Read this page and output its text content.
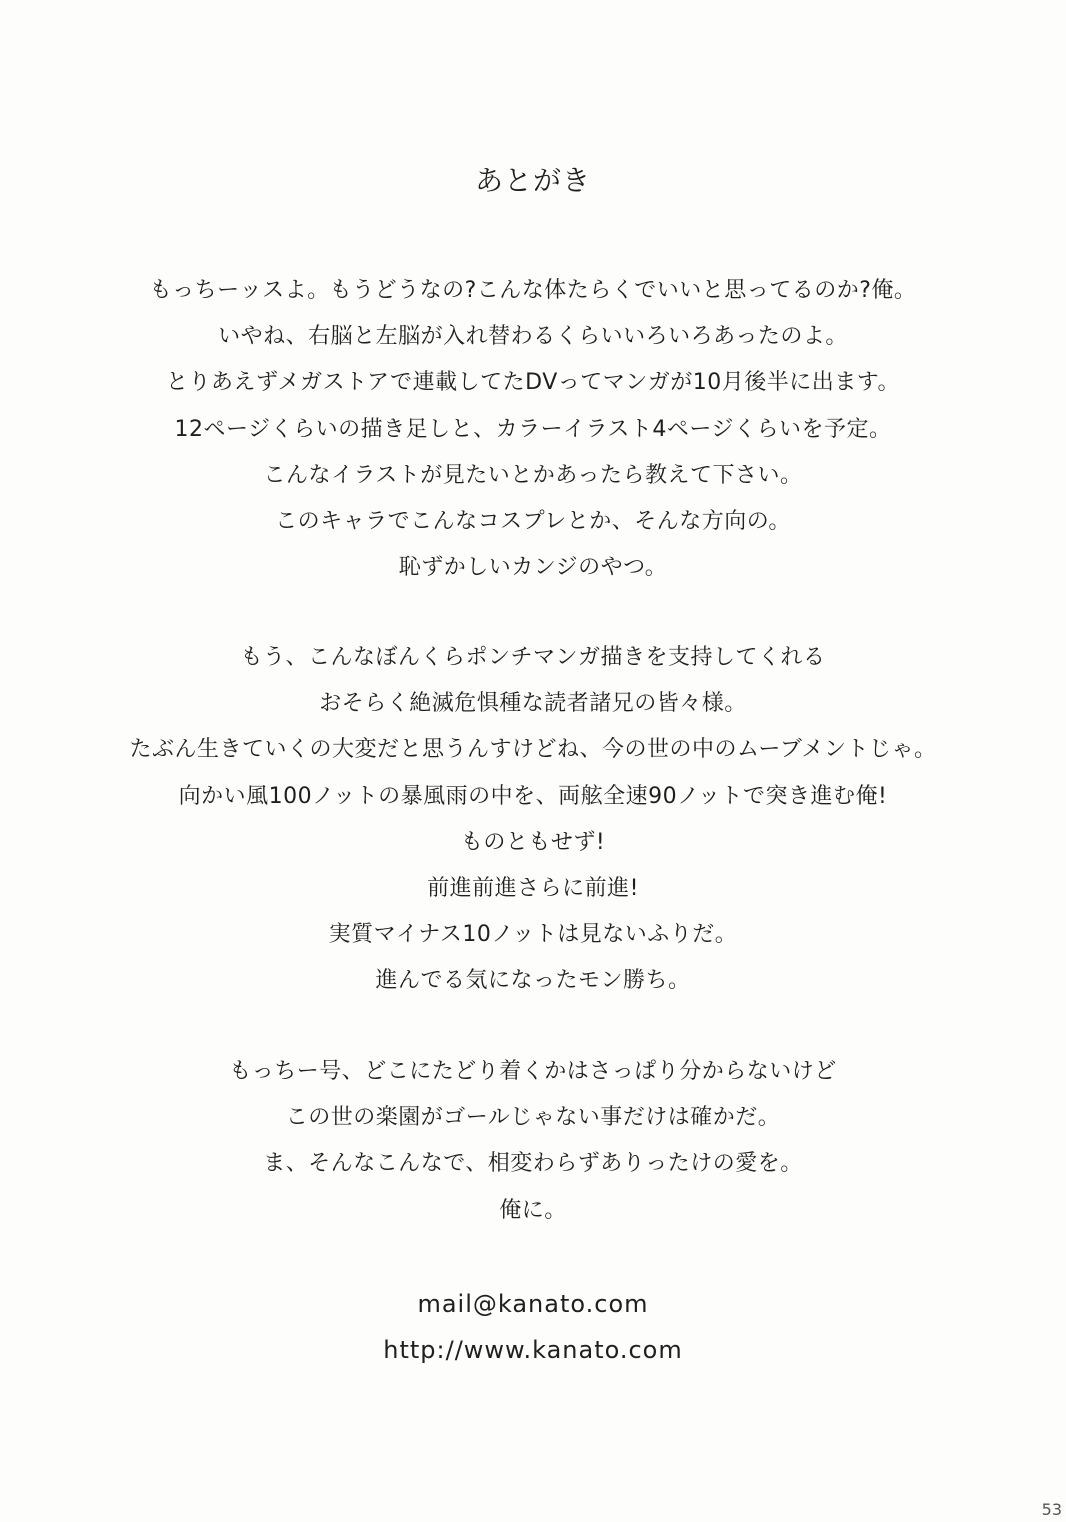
あとがき
もっちーッスよ。もうどうなの?こんな体たらくでいいと思ってるのか?俺。
いやね、右脳と左脳が入れ替わるくらいいろいろあったのよ。
とりあえずメガストアで連載してたDVってマンガが10月後半に出ます。
12ページくらいの描き足しと、カラーイラスト4ページくらいを予定。
こんなイラストが見たいとかあったら教えて下さい。
このキャラでこんなコスプレとか、そんな方向の。
恥ずかしいカンジのやつ。
もう、こんなぼんくらポンチマンガ描きを支持してくれる
おそらく絶滅危惧種な読者諸兄の皆々様。
たぶん生きていくの大変だと思うんすけどね、今の世の中のムーブメントじゃ。
向かい風100ノットの暴風雨の中を、両舷全速90ノットで突き進む俺!
ものともせず!
前進前進さらに前進!
実質マイナス10ノットは見ないふりだ。
進んでる気になったモン勝ち。
もっちー号、どこにたどり着くかはさっぱり分からないけど
この世の楽園がゴールじゃない事だけは確かだ。
ま、そんなこんなで、相変わらずありったけの愛を。
俺に。
mail@kanato.com
http://www.kanato.com
53
